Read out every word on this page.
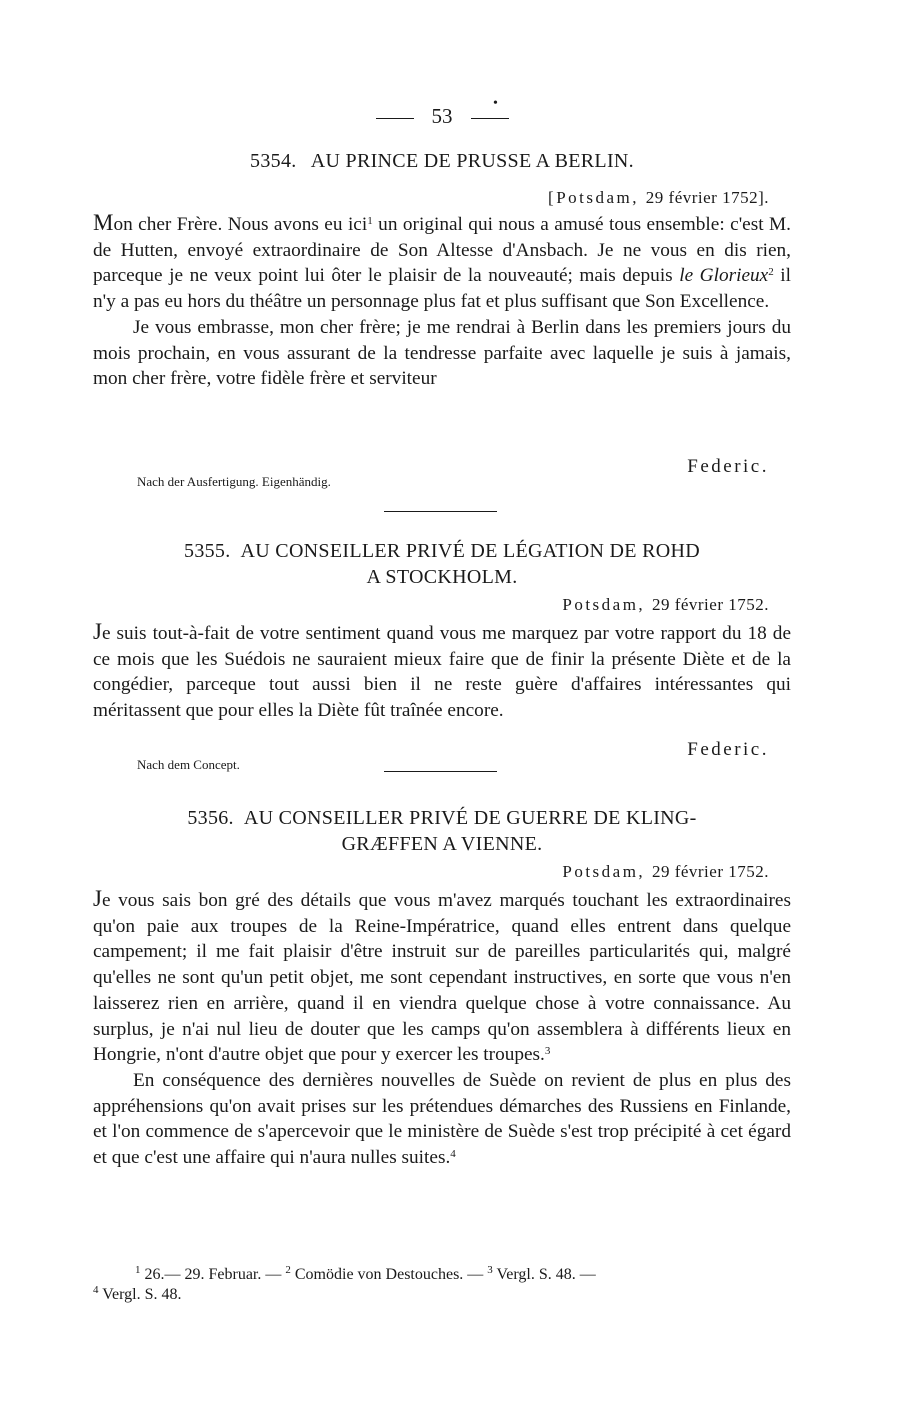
53
•
5354. AU PRINCE DE PRUSSE A BERLIN.
[Potsdam, 29 février 1752].

Mon cher Frère. Nous avons eu ici$^1$ un original qui nous a amusé tous ensemble: c'est M. de Hutten, envoyé extraordinaire de Son Altesse d'Ansbach. Je ne vous en dis rien, parceque je ne veux point lui ôter le plaisir de la nouveauté; mais depuis le Glorieux$^2$ il n'y a pas eu hors du théâtre un personnage plus fat et plus suffisant que Son Excellence.

Je vous embrasse, mon cher frère; je me rendrai à Berlin dans les premiers jours du mois prochain, en vous assurant de la tendresse parfaite avec laquelle je suis à jamais, mon cher frère, votre fidèle frère et serviteur

Federic.
Nach der Ausfertigung. Eigenhändig.
5355. AU CONSEILLER PRIVÉ DE LÉGATION DE ROHD
A STOCKHOLM.
Potsdam, 29 février 1752.

Je suis tout-à-fait de votre sentiment quand vous me marquez par votre rapport du 18 de ce mois que les Suédois ne sauraient mieux faire que de finir la présente Diète et de la congédier, parceque tout aussi bien il ne reste guère d'affaires intéressantes qui méritassent que pour elles la Diète fût traînée encore.

Federic.
Nach dem Concept.
5356. AU CONSEILLER PRIVÉ DE GUERRE DE KLING-
GRÆFFEN A VIENNE.
Potsdam, 29 février 1752.

Je vous sais bon gré des détails que vous m'avez marqués touchant les extraordinaires qu'on paie aux troupes de la Reine-Impératrice, quand elles entrent dans quelque campement; il me fait plaisir d'être instruit sur de pareilles particularités qui, malgré qu'elles ne sont qu'un petit objet, me sont cependant instructives, en sorte que vous n'en laisserez rien en arrière, quand il en viendra quelque chose à votre connaissance. Au surplus, je n'ai nul lieu de douter que les camps qu'on assemblera à différents lieux en Hongrie, n'ont d'autre objet que pour y exercer les troupes.$^3$

En conséquence des dernières nouvelles de Suède on revient de plus en plus des appréhensions qu'on avait prises sur les prétendues démarches des Russiens en Finlande, et l'on commence de s'apercevoir que le ministère de Suède s'est trop précipité à cet égard et que c'est une affaire qui n'aura nulles suites.$^4$

$^1$ 26.— 29. Februar. — $^2$ Comödie von Destouches. — $^3$ Vergl. S. 48. —
$^4$ Vergl. S. 48.
